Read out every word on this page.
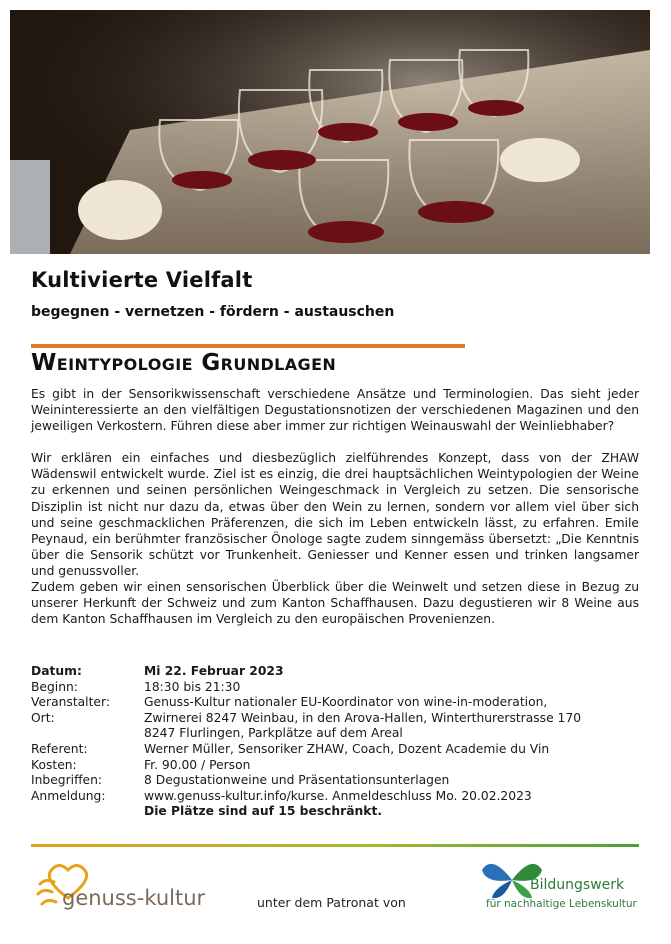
Kultivierte Vielfalt

begegnen - vernetzen - fördern - austauschen

Weintypologie Grundlagen

Es gibt in der Sensorikwissenschaft verschiedene Ansätze und Terminologien. Das sieht jeder Weininteressierte an den vielfältigen Degustationsnotizen der verschiedenen Magazinen und den jeweiligen Verkostern. Führen diese aber immer zur richtigen Weinauswahl der Weinliebhaber?

Wir erklären ein einfaches und diesbezüglich zielführendes Konzept, dass von der ZHAW Wädenswil entwickelt wurde. Ziel ist es einzig, die drei hauptsächlichen Weintypologien der Weine zu erkennen und seinen persönlichen Weingeschmack in Vergleich zu setzen. Die sensorische Disziplin ist nicht nur dazu da, etwas über den Wein zu lernen, sondern vor allem viel über sich und seine geschmacklichen Präferenzen, die sich im Leben entwickeln lässt, zu erfahren. Emile Peynaud, ein berühmter französischer Önologe sagte zudem sinngemäss übersetzt: „Die Kenntnis über die Sensorik schützt vor Trunkenheit. Geniesser und Kenner essen und trinken langsamer und genussvoller.

Zudem geben wir einen sensorischen Überblick über die Weinwelt und setzen diese in Bezug zu unserer Herkunft der Schweiz und zum Kanton Schaffhausen. Dazu degustieren wir 8 Weine aus dem Kanton Schaffhausen im Vergleich zu den europäischen Provenienzen.

Datum:	Mi 22. Februar 2023
Beginn:	18:30 bis 21:30
Veranstalter:	Genuss-Kultur nationaler EU-Koordinator von wine-in-moderation,
Ort:	Zwirnerei 8247 Weinbau, in den Arova-Hallen, Winterthurerstrasse 170
8247 Flurlingen, Parkplätze auf dem Areal
Referent:	Werner Müller, Sensoriker ZHAW, Coach, Dozent Academie du Vin
Kosten:	Fr. 90.00 / Person
Inbegriffen:	8 Degustationweine und Präsentationsunterlagen
Anmeldung:	www.genuss-kultur.info/kurse. Anmeldeschluss Mo. 20.02.2023
Die Plätze sind auf 15 beschränkt.

genuss-kultur	unter dem Patronat von

Bildungswerk

für nachhaltige Lebenskultur
